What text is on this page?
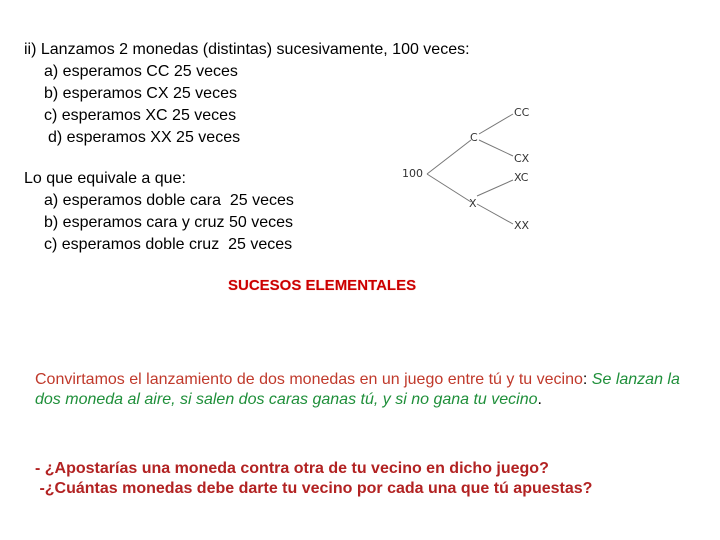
ii) Lanzamos 2 monedas (distintas) sucesivamente, 100 veces:
a) esperamos CC 25 veces
b) esperamos CX 25 veces
c) esperamos XC 25 veces
d) esperamos XX 25 veces
Lo que equivale a que:
a) esperamos doble cara  25 veces
b) esperamos cara y cruz 50 veces
c) esperamos doble cruz  25 veces
100
C
X
CC
CX
XC
XX
SUCESOS ELEMENTALES
Convirtamos el lanzamiento de dos monedas en un juego entre tú y tu vecino: Se lanzan la dos moneda al aire, si salen dos caras ganas tú, y si no gana tu vecino.
- ¿Apostarías una moneda contra otra de tu vecino en dicho juego?
-¿Cuántas monedas debe darte tu vecino por cada una que tú apuestas?
